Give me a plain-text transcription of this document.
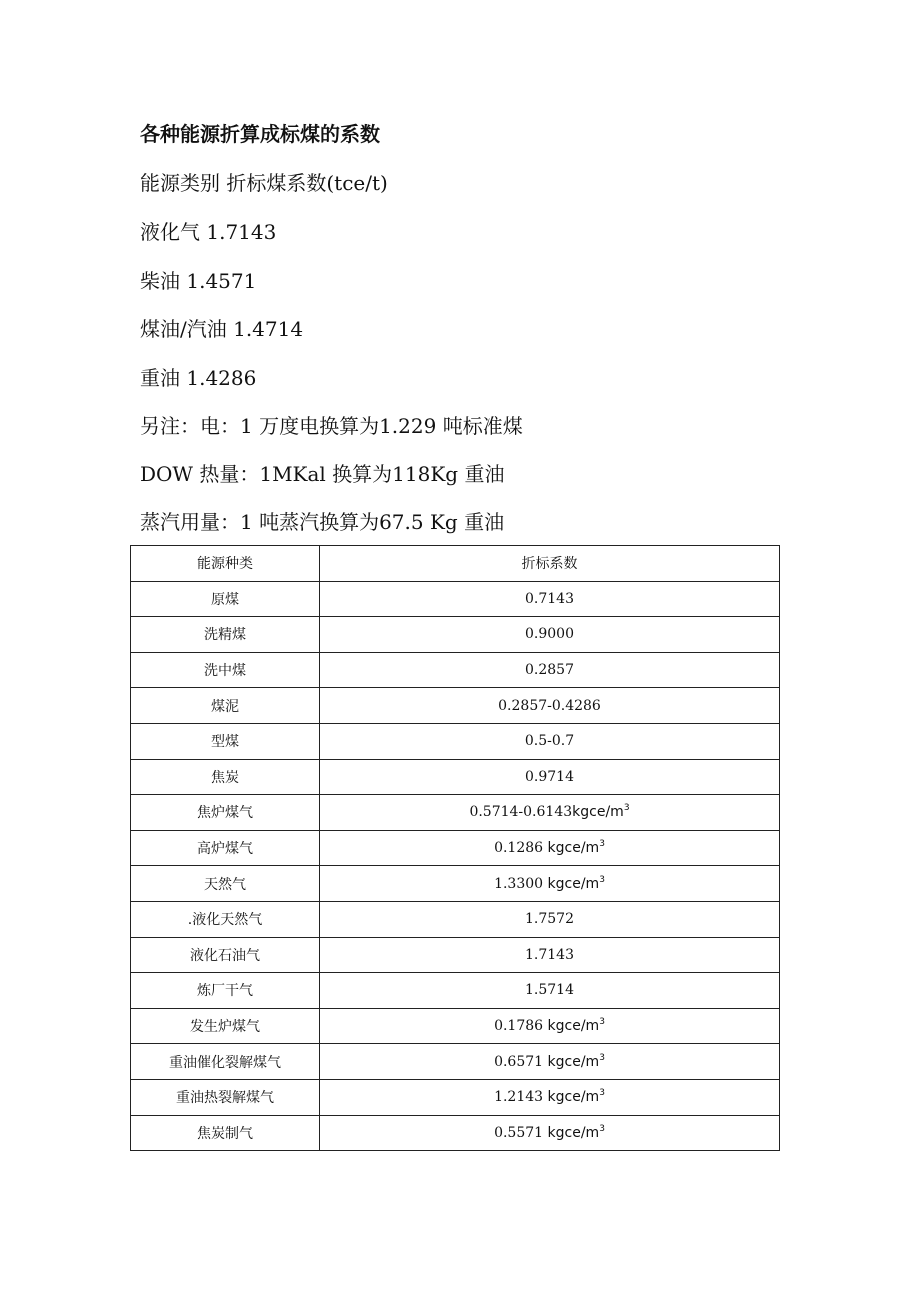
各种能源折算成标煤的系数

能源类别 折标煤系数(tce/t)

液化气 1.7143

柴油 1.4571

煤油/汽油 1.4714

重油 1.4286

另注：电：1 万度电换算为1.229 吨标准煤

DOW 热量：1MKal 换算为118Kg 重油

蒸汽用量：1 吨蒸汽换算为67.5 Kg 重油

能源种类	折标系数
原煤	0.7143
洗精煤	0.9000
洗中煤	0.2857
煤泥	0.2857-0.4286
型煤	0.5-0.7
焦炭	0.9714
焦炉煤气	$0.5714-0.6143kgce/m^3$
高炉煤气	0.1286 kgce/$m^3$
天然气	1.3300 kgce/$m^3$
.液化天然气	1.7572
液化石油气	1.7143
炼厂干气	1.5714
发生炉煤气	0.1786 kgce/$m^3$
重油催化裂解煤气	0.6571 kgce/$m^3$
重油热裂解煤气	1.2143 kgce/$m^3$
焦炭制气	0.5571 kgce/$m^3$
